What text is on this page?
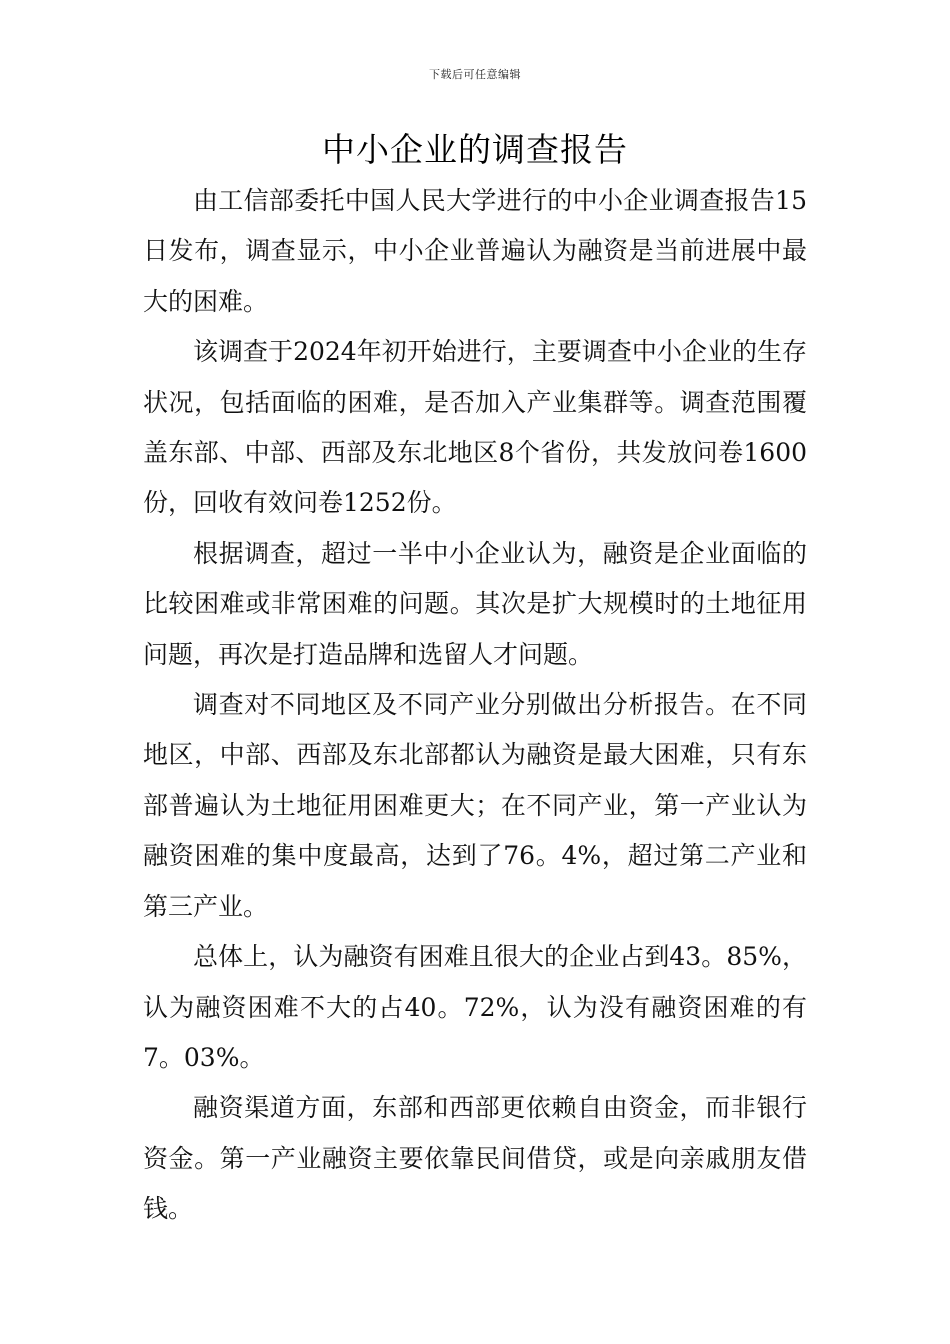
下载后可任意编辑
中小企业的调查报告

由工信部委托中国人民大学进行的中小企业调查报告15日发布，调查显示，中小企业普遍认为融资是当前进展中最大的困难。

该调查于2024年初开始进行，主要调查中小企业的生存状况，包括面临的困难，是否加入产业集群等。调查范围覆盖东部、中部、西部及东北地区8个省份，共发放问卷1600份，回收有效问卷1252份。

根据调查，超过一半中小企业认为，融资是企业面临的比较困难或非常困难的问题。其次是扩大规模时的土地征用问题，再次是打造品牌和选留人才问题。

调查对不同地区及不同产业分别做出分析报告。在不同地区，中部、西部及东北部都认为融资是最大困难，只有东部普遍认为土地征用困难更大；在不同产业，第一产业认为融资困难的集中度最高，达到了76。4%，超过第二产业和第三产业。

总体上，认为融资有困难且很大的企业占到43。85%，认为融资困难不大的占40。72%，认为没有融资困难的有7。03%。

融资渠道方面，东部和西部更依赖自由资金，而非银行资金。第一产业融资主要依靠民间借贷，或是向亲戚朋友借钱。
